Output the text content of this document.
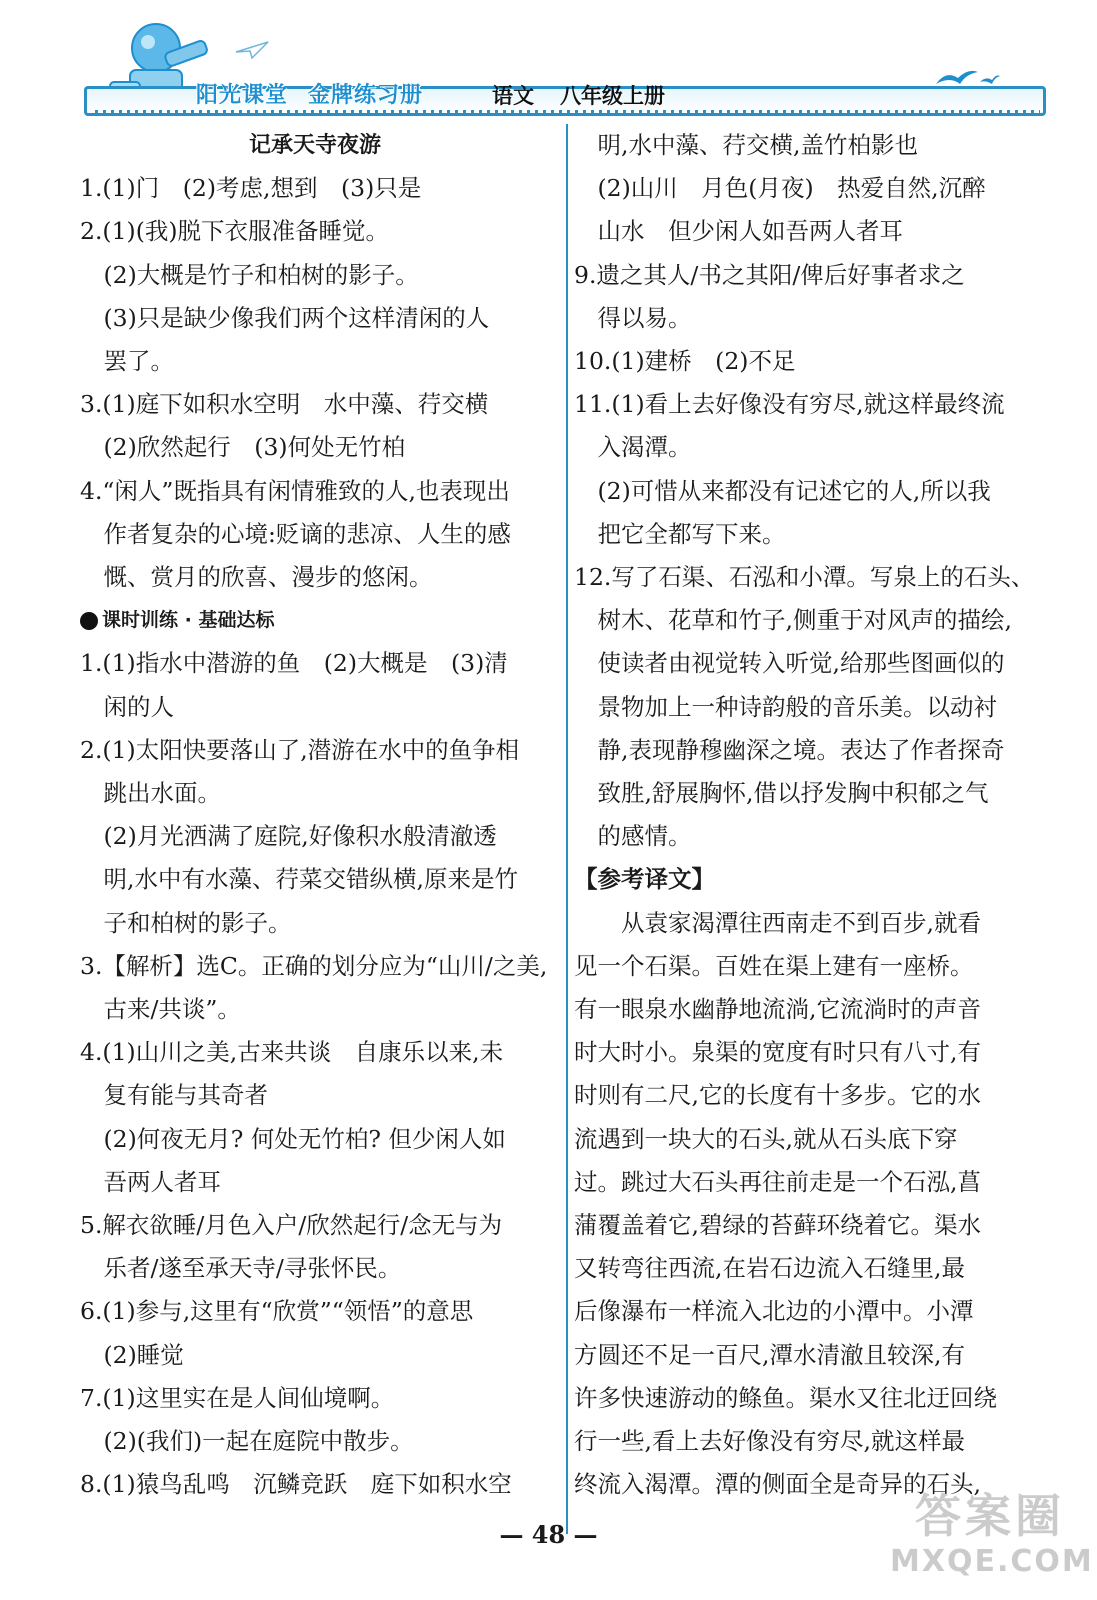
阳光课堂 金牌练习册	语文 八年级上册
记承天寺夜游
1.(1)门　(2)考虑,想到　(3)只是
2.(1)(我)脱下衣服准备睡觉。
　(2)大概是竹子和柏树的影子。
　(3)只是缺少像我们两个这样清闲的人
　罢了。
3.(1)庭下如积水空明　水中藻、荇交横
　(2)欣然起行　(3)何处无竹柏
4.“闲人”既指具有闲情雅致的人,也表现出
　作者复杂的心境:贬谪的悲凉、人生的感
　慨、赏月的欣喜、漫步的悠闲。
课时训练 · 基础达标
1.(1)指水中潜游的鱼　(2)大概是　(3)清
　闲的人
2.(1)太阳快要落山了,潜游在水中的鱼争相
　跳出水面。
　(2)月光洒满了庭院,好像积水般清澈透
　明,水中有水藻、荇菜交错纵横,原来是竹
　子和柏树的影子。
3.【解析】选C。正确的划分应为“山川/之美,
　古来/共谈”。
4.(1)山川之美,古来共谈　自康乐以来,未
　复有能与其奇者
　(2)何夜无月? 何处无竹柏? 但少闲人如
　吾两人者耳
5.解衣欲睡/月色入户/欣然起行/念无与为
　乐者/遂至承天寺/寻张怀民。
6.(1)参与,这里有“欣赏”“领悟”的意思
　(2)睡觉
7.(1)这里实在是人间仙境啊。
　(2)(我们)一起在庭院中散步。
8.(1)猿鸟乱鸣　沉鳞竞跃　庭下如积水空
　明,水中藻、荇交横,盖竹柏影也
　(2)山川　月色(月夜)　热爱自然,沉醉
　山水　但少闲人如吾两人者耳
9.遗之其人/书之其阳/俾后好事者求之
　得以易。
10.(1)建桥　(2)不足
11.(1)看上去好像没有穷尽,就这样最终流
　入渴潭。
　(2)可惜从来都没有记述它的人,所以我
　把它全都写下来。
12.写了石渠、石泓和小潭。写泉上的石头、
　树木、花草和竹子,侧重于对风声的描绘,
　使读者由视觉转入听觉,给那些图画似的
　景物加上一种诗韵般的音乐美。以动衬
　静,表现静穆幽深之境。表达了作者探奇
　致胜,舒展胸怀,借以抒发胸中积郁之气
　的感情。
【参考译文】
　　从袁家渴潭往西南走不到百步,就看
见一个石渠。百姓在渠上建有一座桥。
有一眼泉水幽静地流淌,它流淌时的声音
时大时小。泉渠的宽度有时只有八寸,有
时则有二尺,它的长度有十多步。它的水
流遇到一块大的石头,就从石头底下穿
过。跳过大石头再往前走是一个石泓,菖
蒲覆盖着它,碧绿的苔藓环绕着它。渠水
又转弯往西流,在岩石边流入石缝里,最
后像瀑布一样流入北边的小潭中。小潭
方圆还不足一百尺,潭水清澈且较深,有
许多快速游动的鲦鱼。渠水又往北迂回绕
行一些,看上去好像没有穷尽,就这样最
终流入渴潭。潭的侧面全是奇异的石头,
— 48 —	答案圈
MXQE.COM
